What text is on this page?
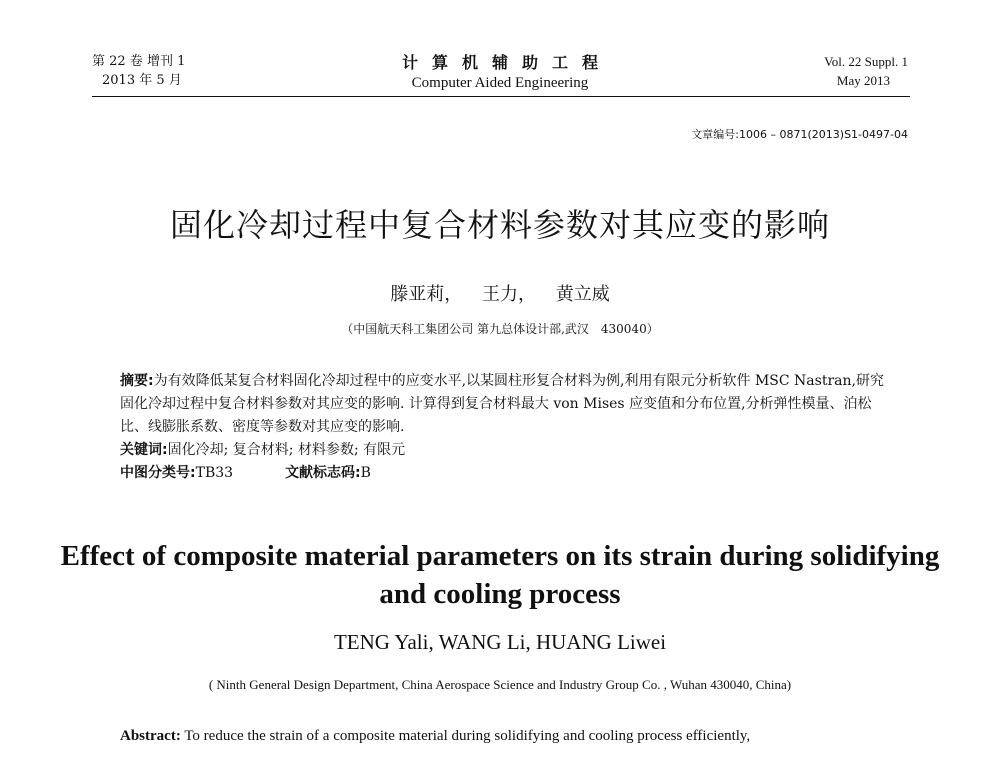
第 22 卷 增刊 1
2013 年 5 月
计算机辅助工程
Computer Aided Engineering
Vol. 22 Suppl. 1
May 2013
文章编号:1006 – 0871(2013)S1-0497-04
固化冷却过程中复合材料参数对其应变的影响
滕亚莉， 王力， 黄立威
（中国航天科工集团公司 第九总体设计部,武汉　430040）
摘要:为有效降低某复合材料固化冷却过程中的应变水平,以某圆柱形复合材料为例,利用有限元分析软件 MSC Nastran,研究固化冷却过程中复合材料参数对其应变的影响. 计算得到复合材料最大 von Mises 应变值和分布位置,分析弹性模量、泊松比、线膨胀系数、密度等参数对其应变的影响.
关键词:固化冷却; 复合材料; 材料参数; 有限元
中图分类号:TB33	文献标志码:B
Effect of composite material parameters on its strain during solidifying and cooling process
TENG Yali, WANG Li, HUANG Liwei
( Ninth General Design Department, China Aerospace Science and Industry Group Co. , Wuhan 430040, China)
Abstract: To reduce the strain of a composite material during solidifying and cooling process efficiently,
